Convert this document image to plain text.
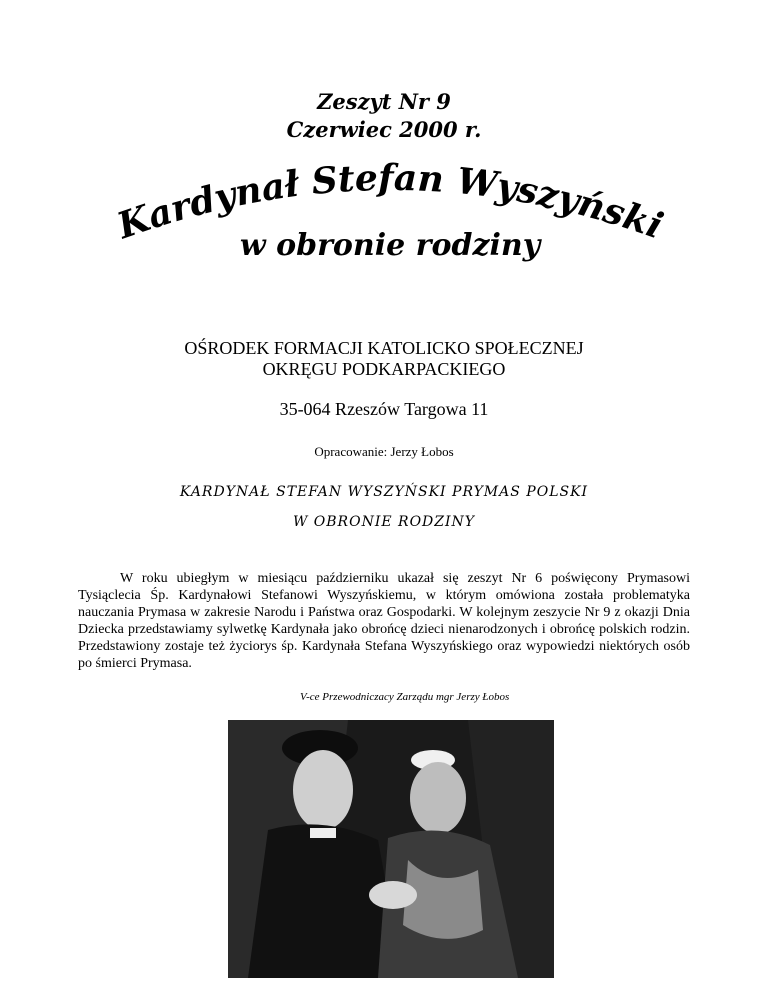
Zeszyt Nr 9
Czerwiec 2000 r.
Kardynał Stefan Wyszyński
w obronie rodziny
OŚRODEK FORMACJI KATOLICKO SPOŁECZNEJ
OKRĘGU PODKARPACKIEGO
35-064 Rzeszów Targowa 11
Opracowanie: Jerzy Łobos
KARDYNAŁ STEFAN WYSZYŃSKI PRYMAS POLSKI
W OBRONIE RODZINY
W roku ubiegłym w miesiącu październiku ukazał się zeszyt Nr 6 poświęcony Prymasowi Tysiąclecia Śp. Kardynałowi Stefanowi Wyszyńskiemu, w którym omówiona została problematyka nauczania Prymasa w zakresie Narodu i Państwa oraz Gospodarki. W kolejnym zeszycie Nr 9 z okazji Dnia Dziecka przedstawiamy sylwetkę Kardynała jako obrońcę dzieci nienarodzonych i obrońcę polskich rodzin. Przedstawiony zostaje też życiorys śp. Kardynała Stefana Wyszyńskiego oraz wypowiedzi niektórych osób po śmierci Prymasa.
V-ce Przewodniczacy Zarządu mgr Jerzy Łobos
